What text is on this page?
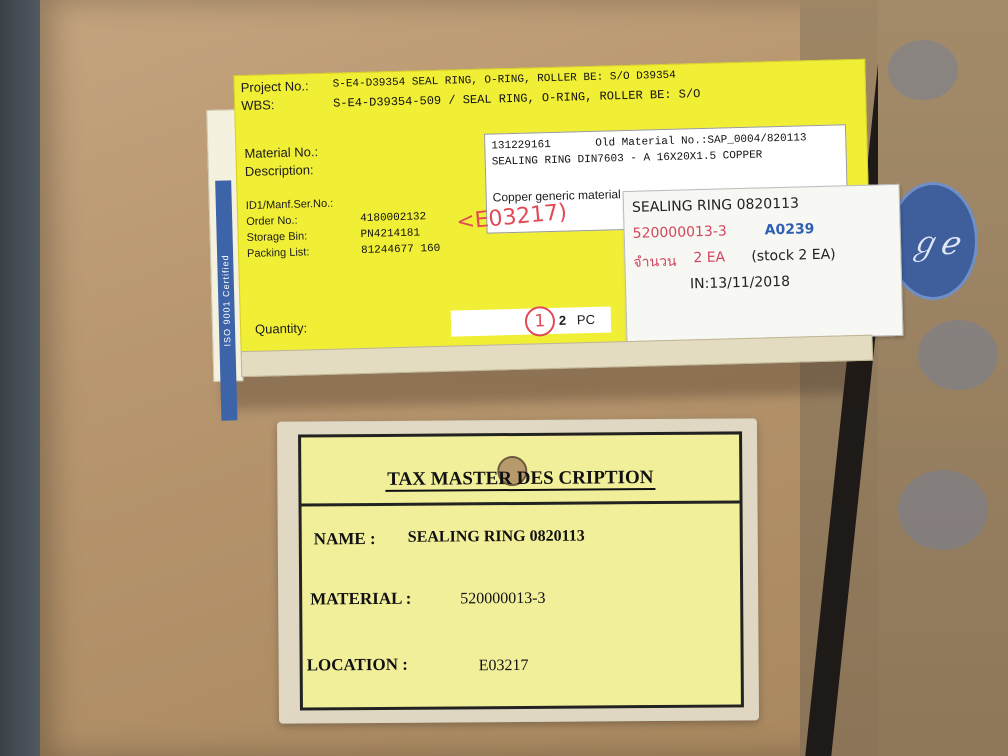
ℊℯ
ISO 9001 Certified
Project No.: S-E4-D39354 SEAL RING, O-RING, ROLLER BE: S/O D39354
WBS:	S-E4-D39354-509 / SEAL RING, O-RING, ROLLER BE: S/O
Material No.:
Description:
131229161	Old Material No.:SAP_0004/820113
SEALING RING DIN7603 - A 16X20X1.5 COPPER
Copper generic material
ID1/Manf.Ser.No.:
Order No.:	4180002132
Storage Bin:	PN4214181
Packing List:	81244677 160
<E03217)
Quantity:	1	2 PC
SEALING RING 0820113
520000013-3	A0239
จำนวน 2 EA (stock 2 EA)
IN:13/11/2018
TAX MASTER DES CRIPTION
NAME : SEALING RING 0820113
MATERIAL :	520000013-3
LOCATION :	E03217
